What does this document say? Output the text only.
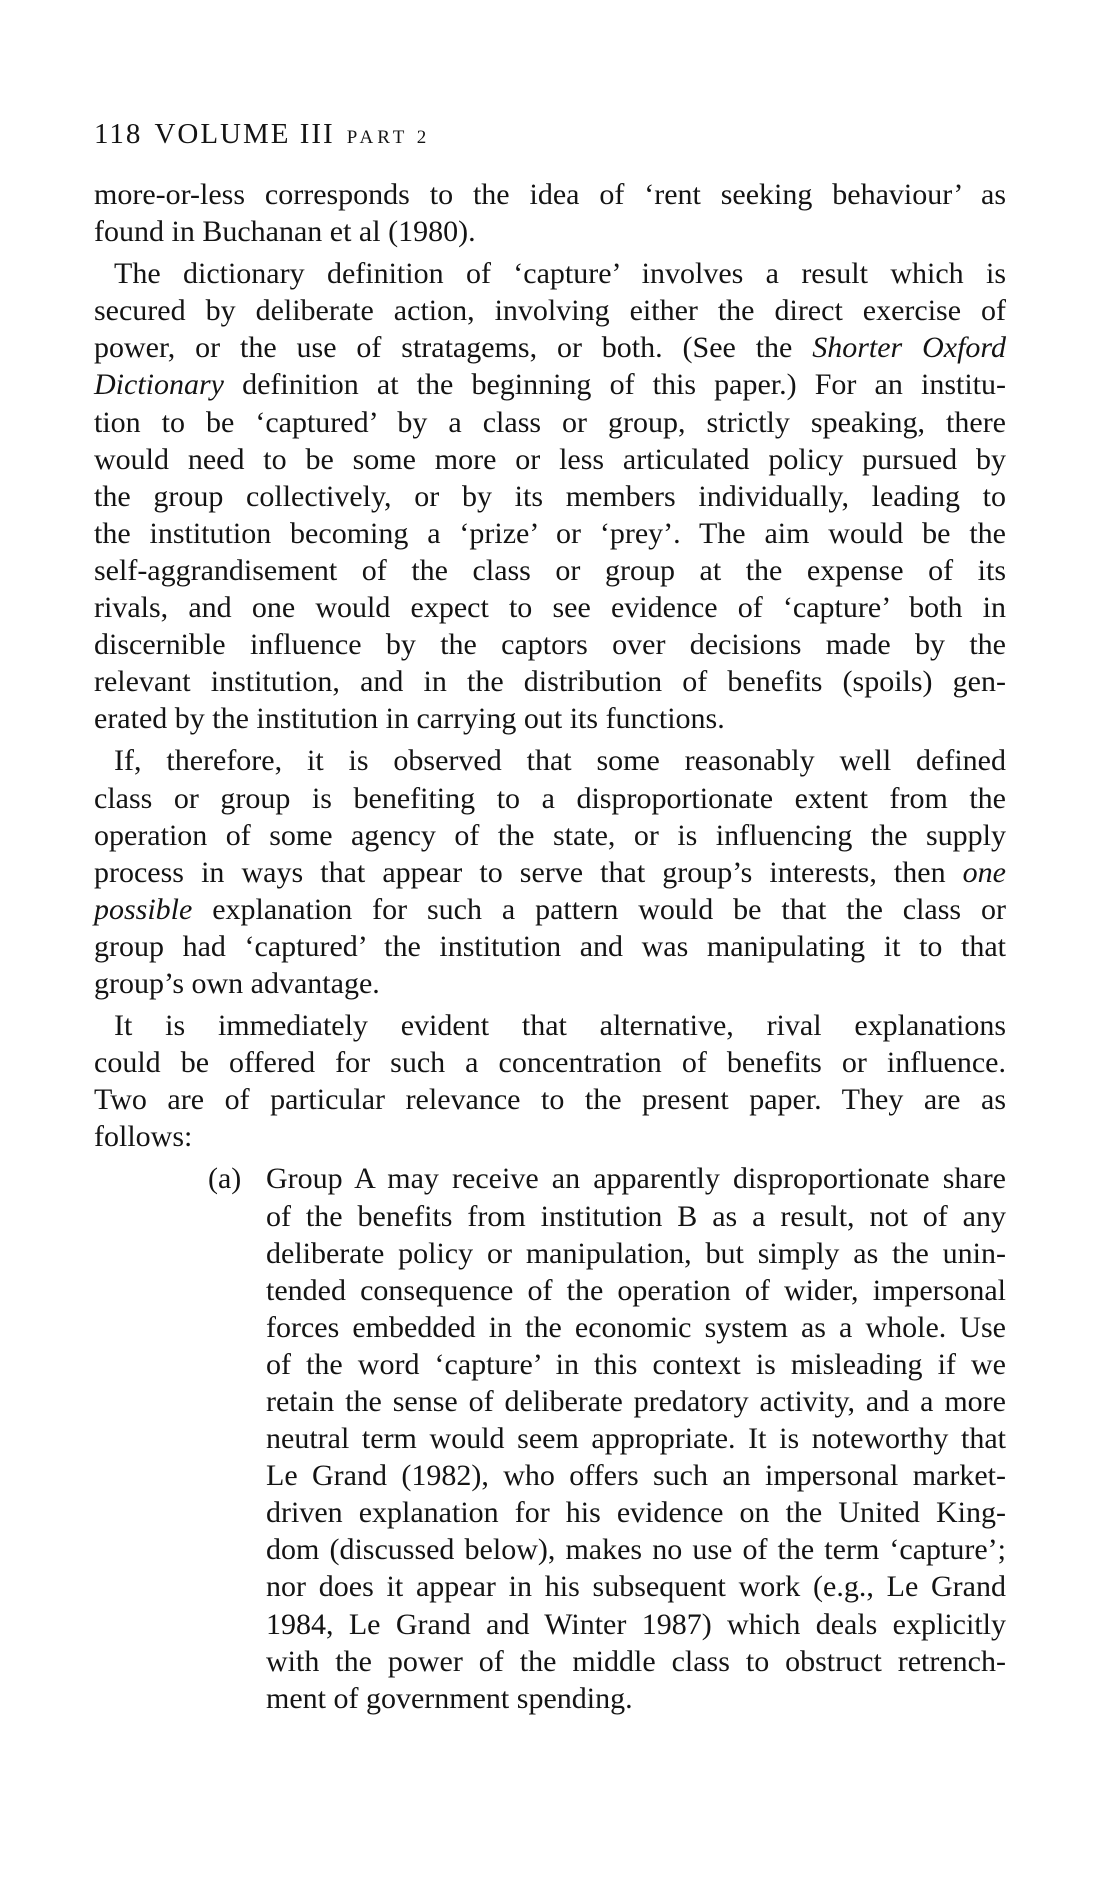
118 VOLUME III PART 2
more-or-less corresponds to the idea of ‘rent seeking behaviour’ as
found in Buchanan et al (1980).
The dictionary definition of ‘capture’ involves a result which is
secured by deliberate action, involving either the direct exercise of
power, or the use of stratagems, or both. (See the Shorter Oxford
Dictionary definition at the beginning of this paper.) For an institu-
tion to be ‘captured’ by a class or group, strictly speaking, there
would need to be some more or less articulated policy pursued by
the group collectively, or by its members individually, leading to
the institution becoming a ‘prize’ or ‘prey’. The aim would be the
self-aggrandisement of the class or group at the expense of its
rivals, and one would expect to see evidence of ‘capture’ both in
discernible influence by the captors over decisions made by the
relevant institution, and in the distribution of benefits (spoils) gen-
erated by the institution in carrying out its functions.
If, therefore, it is observed that some reasonably well defined
class or group is benefiting to a disproportionate extent from the
operation of some agency of the state, or is influencing the supply
process in ways that appear to serve that group’s interests, then one
possible explanation for such a pattern would be that the class or
group had ‘captured’ the institution and was manipulating it to that
group’s own advantage.
It is immediately evident that alternative, rival explanations
could be offered for such a concentration of benefits or influence.
Two are of particular relevance to the present paper. They are as
follows:
(a) Group A may receive an apparently disproportionate share
of the benefits from institution B as a result, not of any
deliberate policy or manipulation, but simply as the unin-
tended consequence of the operation of wider, impersonal
forces embedded in the economic system as a whole. Use
of the word ‘capture’ in this context is misleading if we
retain the sense of deliberate predatory activity, and a more
neutral term would seem appropriate. It is noteworthy that
Le Grand (1982), who offers such an impersonal market-
driven explanation for his evidence on the United King-
dom (discussed below), makes no use of the term ‘capture’;
nor does it appear in his subsequent work (e.g., Le Grand
1984, Le Grand and Winter 1987) which deals explicitly
with the power of the middle class to obstruct retrench-
ment of government spending.
